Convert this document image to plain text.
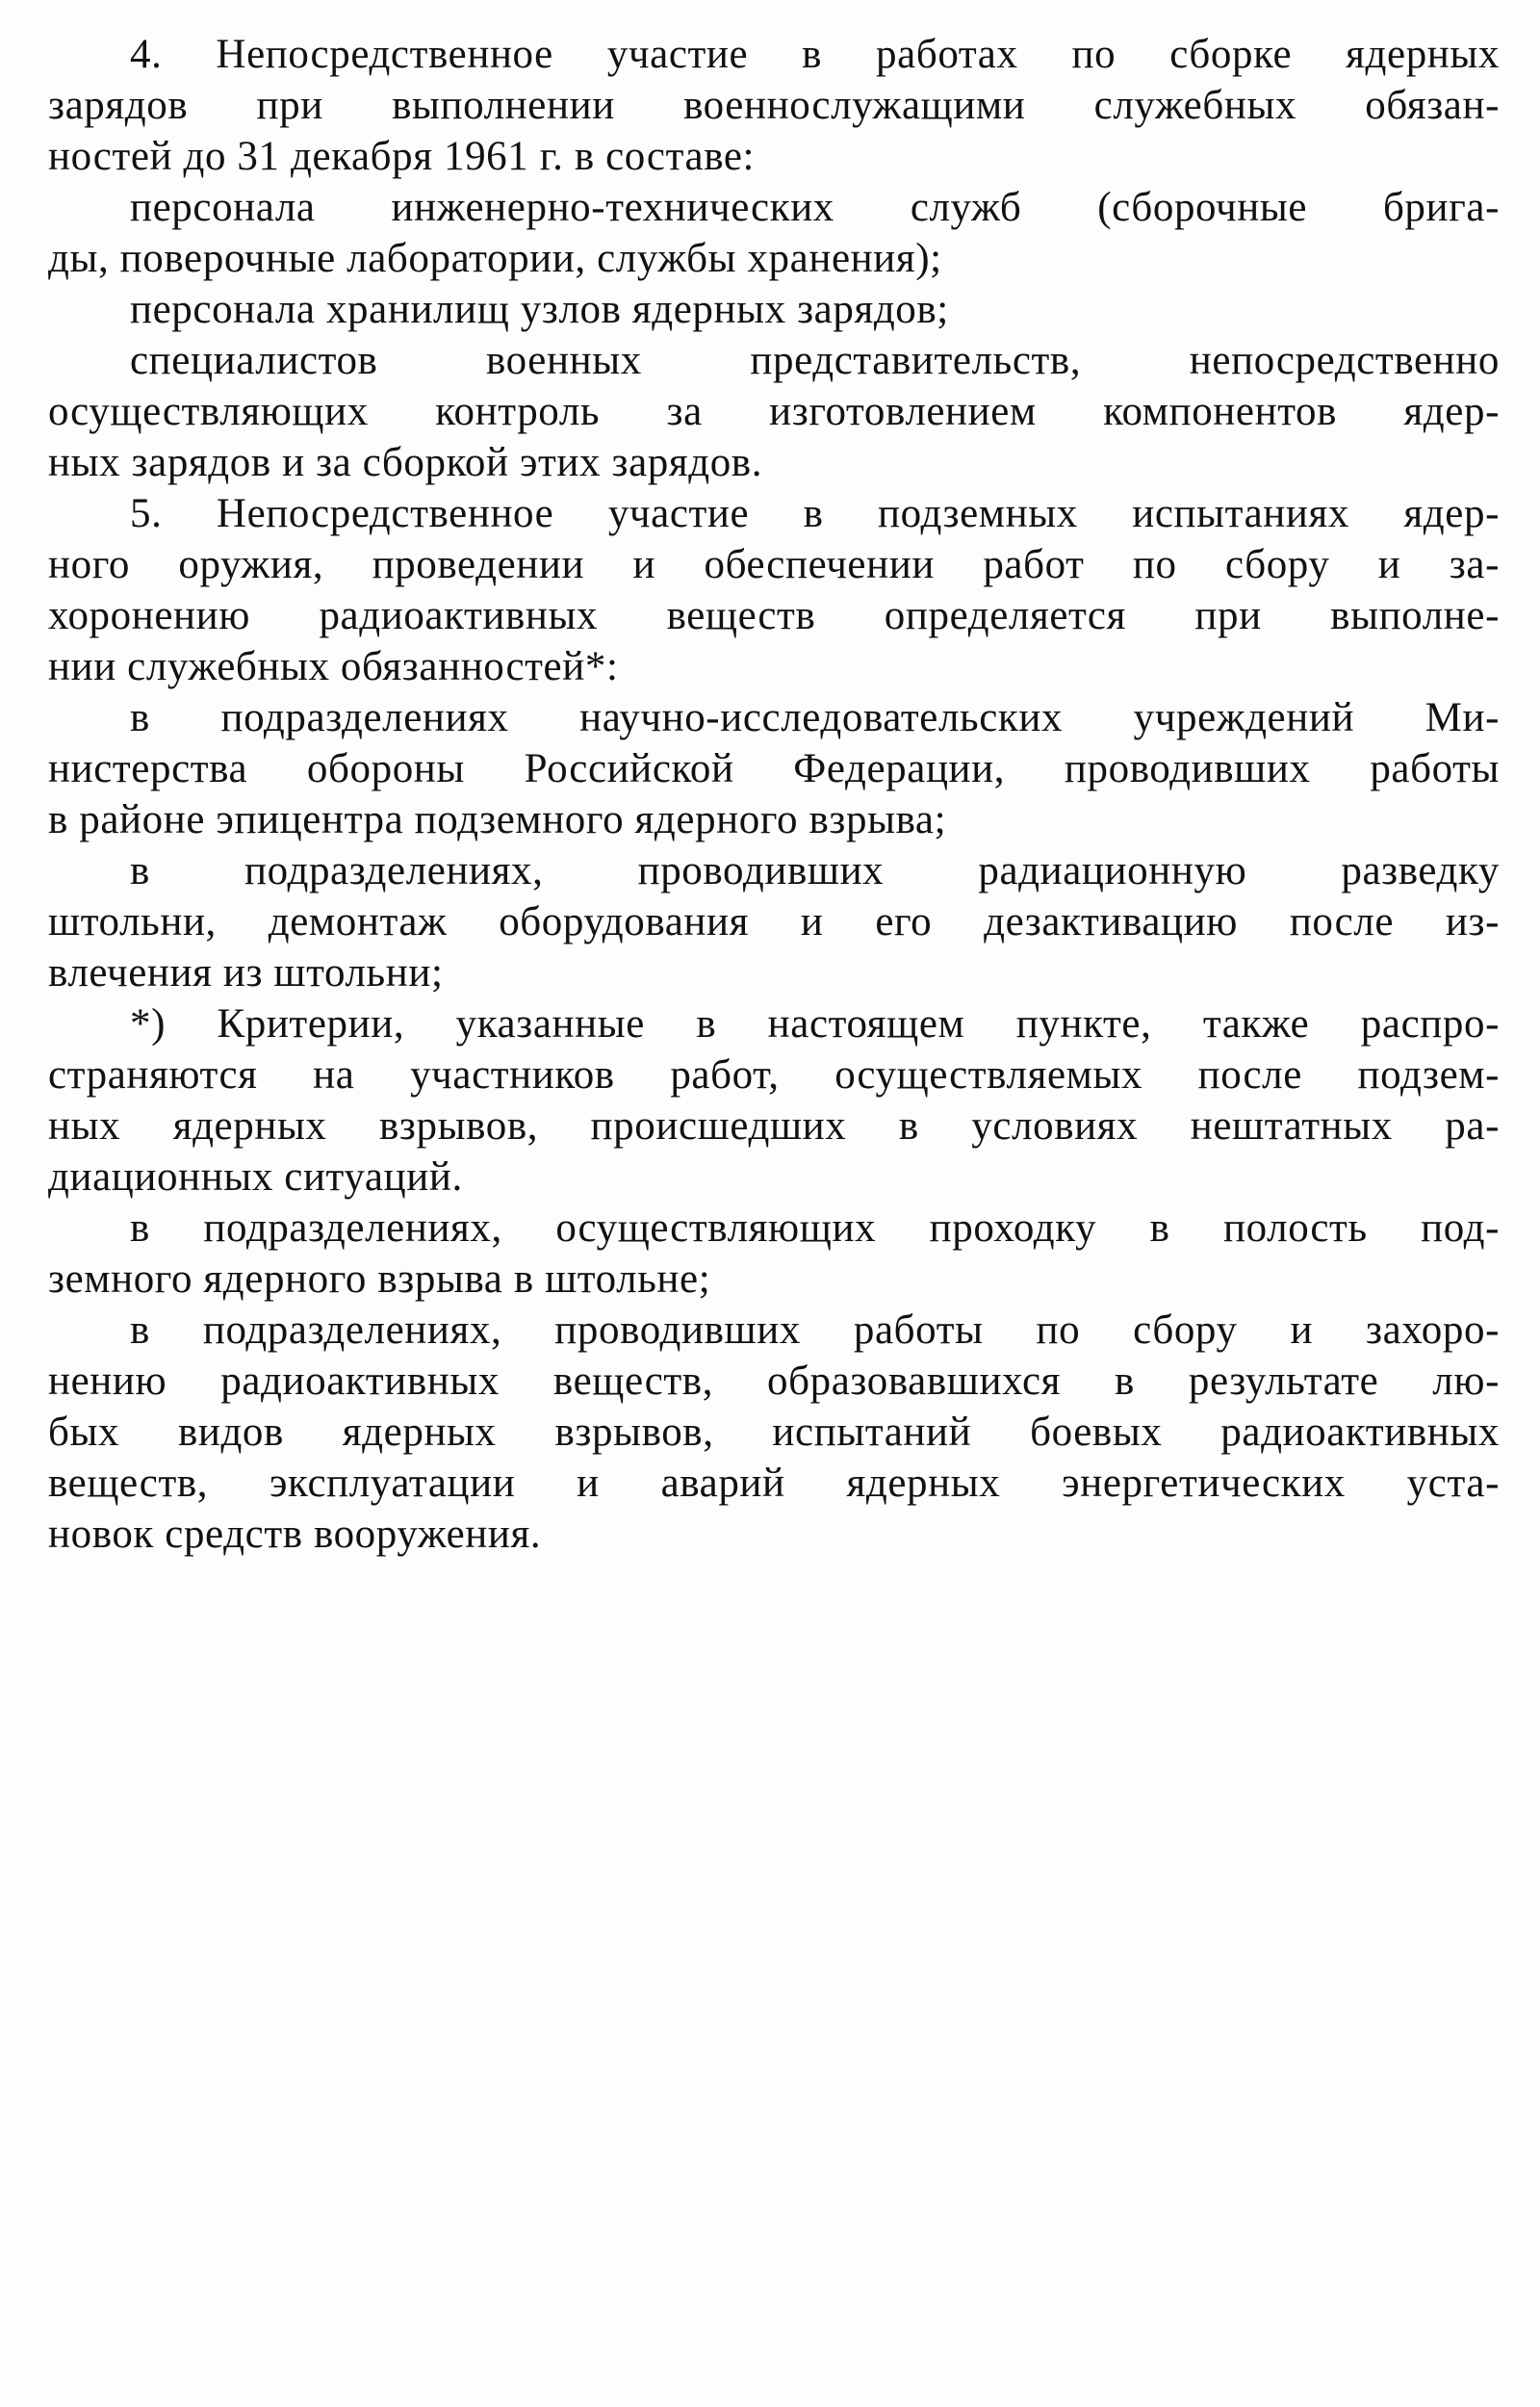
4. Непосредственное участие в работах по сборке ядерных
зарядов при выполнении военнослужащими служебных обязан-
ностей до 31 декабря 1961 г. в составе:
персонала инженерно-технических служб (сборочные брига-
ды, поверочные лаборатории, службы хранения);
персонала хранилищ узлов ядерных зарядов;
специалистов военных представительств, непосредственно
осуществляющих контроль за изготовлением компонентов ядер-
ных зарядов и за сборкой этих зарядов.
5. Непосредственное участие в подземных испытаниях ядер-
ного оружия, проведении и обеспечении работ по сбору и за-
хоронению радиоактивных веществ определяется при выполне-
нии служебных обязанностей*:
в подразделениях научно-исследовательских учреждений Ми-
нистерства обороны Российской Федерации, проводивших работы
в районе эпицентра подземного ядерного взрыва;
в подразделениях, проводивших радиационную разведку
штольни, демонтаж оборудования и его дезактивацию после из-
влечения из штольни;
*) Критерии, указанные в настоящем пункте, также распро-
страняются на участников работ, осуществляемых после подзем-
ных ядерных взрывов, происшедших в условиях нештатных ра-
диационных ситуаций.
в подразделениях, осуществляющих проходку в полость под-
земного ядерного взрыва в штольне;
в подразделениях, проводивших работы по сбору и захоро-
нению радиоактивных веществ, образовавшихся в результате лю-
бых видов ядерных взрывов, испытаний боевых радиоактивных
веществ, эксплуатации и аварий ядерных энергетических уста-
новок средств вооружения.
